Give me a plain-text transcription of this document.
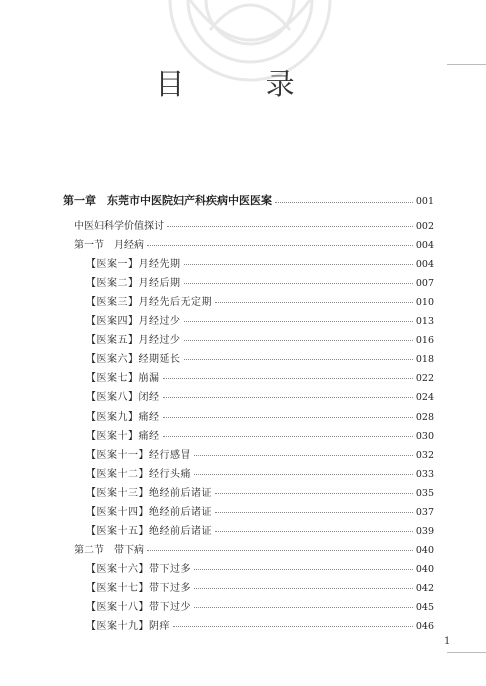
目 录
第一章　东莞市中医院妇产科疾病中医医案	001
中医妇科学价值探讨	002
第一节　月经病	004
【医案一】月经先期	004
【医案二】月经后期	007
【医案三】月经先后无定期	010
【医案四】月经过少	013
【医案五】月经过少	016
【医案六】经期延长	018
【医案七】崩漏	022
【医案八】闭经	024
【医案九】痛经	028
【医案十】痛经	030
【医案十一】经行感冒	032
【医案十二】经行头痛	033
【医案十三】绝经前后诸证	035
【医案十四】绝经前后诸证	037
【医案十五】绝经前后诸证	039
第二节　带下病	040
【医案十六】带下过多	040
【医案十七】带下过多	042
【医案十八】带下过少	045
【医案十九】阴痒	046
1
